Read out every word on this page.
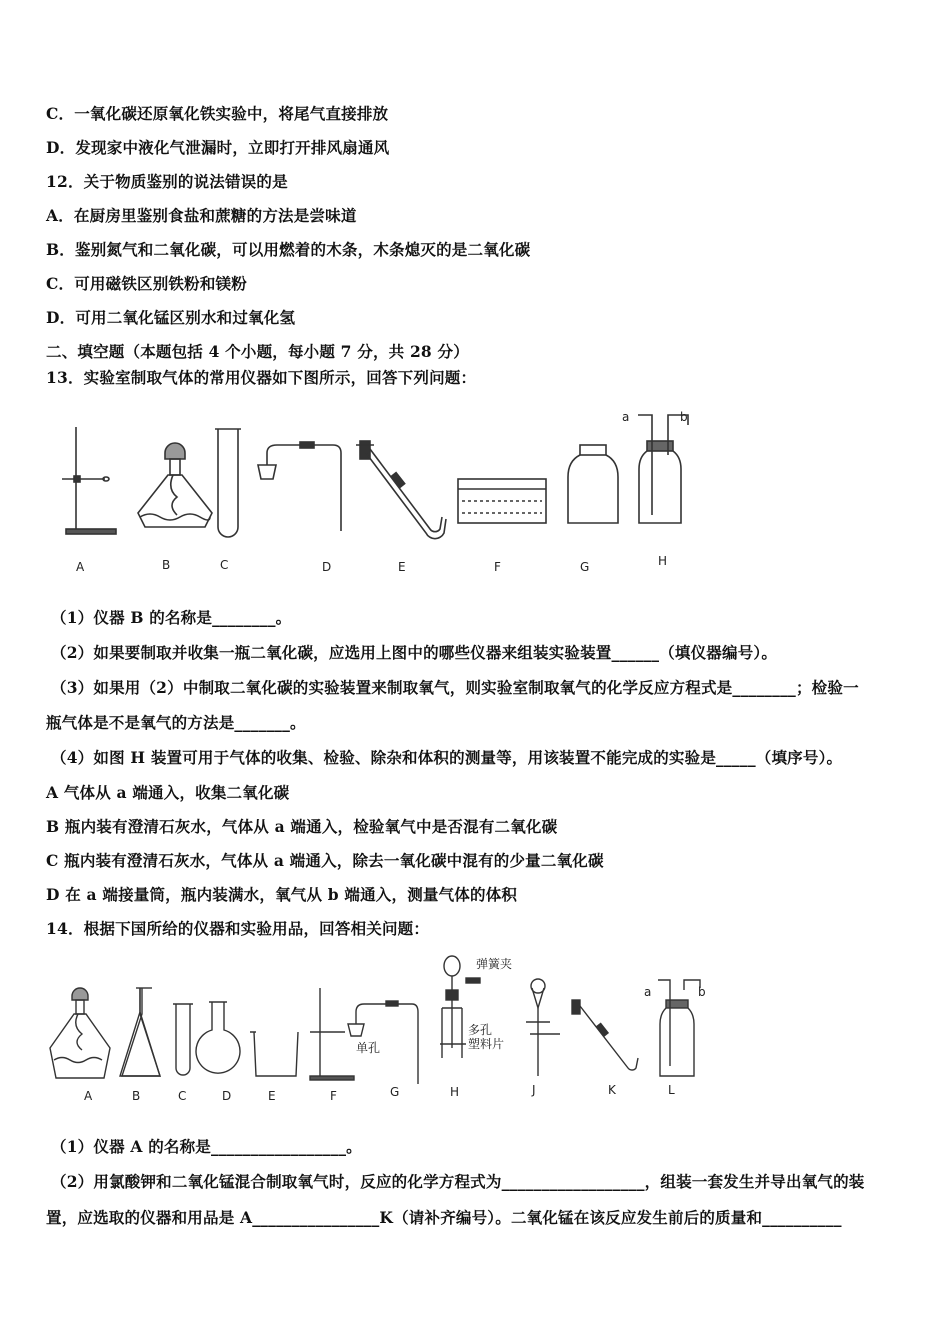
C．一氧化碳还原氧化铁实验中，将尾气直接排放
D．发现家中液化气泄漏时，立即打开排风扇通风
12．关于物质鉴别的说法错误的是
A．在厨房里鉴别食盐和蔗糖的方法是尝味道
B．鉴别氮气和二氧化碳，可以用燃着的木条，木条熄灭的是二氧化碳
C．可用磁铁区别铁粉和镁粉
D．可用二氧化锰区别水和过氧化氢
二、填空题（本题包括 4 个小题，每小题 7 分，共 28 分）
13．实验室制取气体的常用仪器如下图所示，回答下列问题：
a	b
A	B	C	D	E	F	G	H
（1）仪器 B 的名称是________。
（2）如果要制取并收集一瓶二氧化碳，应选用上图中的哪些仪器来组装实验装置______（填仪器编号）。
（3）如果用（2）中制取二氧化碳的实验装置来制取氧气，则实验室制取氧气的化学反应方程式是________；检验一
瓶气体是不是氧气的方法是_______。
（4）如图 H 装置可用于气体的收集、检验、除杂和体积的测量等，用该装置不能完成的实验是_____（填序号）。
A 气体从 a 端通入，收集二氧化碳
B 瓶内装有澄清石灰水，气体从 a 端通入，检验氧气中是否混有二氧化碳
C 瓶内装有澄清石灰水，气体从 a 端通入，除去一氧化碳中混有的少量二氧化碳
D 在 a 端接量筒，瓶内装满水，氧气从 b 端通入，测量气体的体积
14．根据下国所给的仪器和实验用品，回答相关问题：
弹簧夹
单孔
多孔
塑料片
a	b
A	B	C	D	E	F	G	H	J	K	L
（1）仪器 A 的名称是_________________。
（2）用氯酸钾和二氧化锰混合制取氧气时，反应的化学方程式为__________________，组装一套发生并导出氧气的装
置，应选取的仪器和用品是 A________________K（请补齐编号）。二氧化锰在该反应发生前后的质量和__________
